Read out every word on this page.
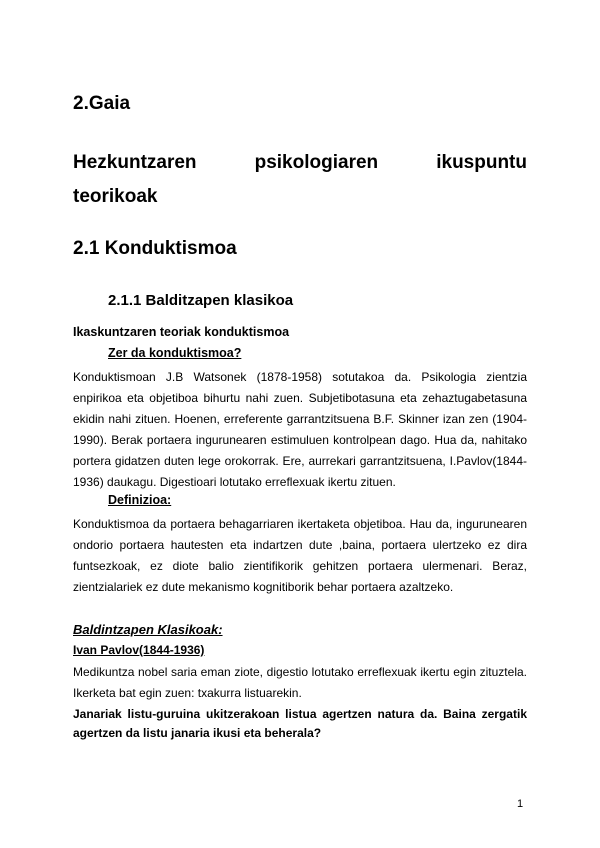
2.Gaia
Hezkuntzaren	psikologiaren	ikuspuntu
teorikoak
2.1 Konduktismoa
2.1.1 Balditzapen klasikoa
Ikaskuntzaren teoriak konduktismoa
Zer da konduktismoa?

Konduktismoan J.B Watsonek (1878-1958) sotutakoa da. Psikologia zientzia enpirikoa eta objetiboa bihurtu nahi zuen. Subjetibotasuna eta zehaztugabetasuna ekidin nahi zituen. Hoenen, erreferente garrantzitsuena B.F. Skinner izan zen (1904-1990). Berak portaera ingurunearen estimuluen kontrolpean dago. Hua da, nahitako portera gidatzen duten lege orokorrak. Ere, aurrekari garrantzitsuena, I.Pavlov(1844-1936) daukagu. Digestioari lotutako erreflexuak ikertu zituen.

Definizioa:

Konduktismoa da portaera behagarriaren ikertaketa objetiboa. Hau da, ingurunearen ondorio portaera hautesten eta indartzen dute ,baina, portaera ulertzeko ez dira funtsezkoak, ez diote balio zientifikorik gehitzen portaera ulermenari. Beraz, zientzialariek ez dute mekanismo kognitiborik behar portaera azaltzeko.

Baldintzapen Klasikoak:
Ivan Pavlov(1844-1936)

Medikuntza nobel saria eman ziote, digestio lotutako erreflexuak ikertu egin zituztela. Ikerketa bat egin zuen: txakurra listuarekin.

Janariak listu-guruina ukitzerakoan listua agertzen natura da. Baina zergatik agertzen da listu janaria ikusi eta beherala?

1
